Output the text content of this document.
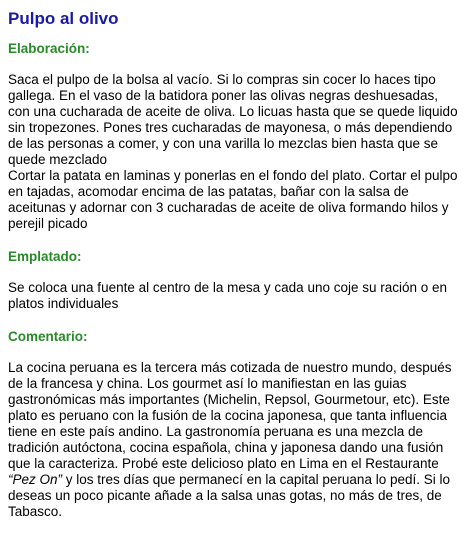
Pulpo al olivo
Elaboración:

Saca el pulpo de la bolsa al vacío. Si lo compras sin cocer lo haces tipo gallega. En el vaso de la batidora poner las olivas negras deshuesadas, con una cucharada de aceite de oliva. Lo licuas hasta que se quede liquido sin tropezones. Pones tres cucharadas de mayonesa, o más dependiendo de las personas a comer, y con una varilla lo mezclas bien hasta que se quede mezclado
Cortar la patata en laminas y ponerlas en el fondo del plato. Cortar el pulpo en tajadas, acomodar encima de las patatas, bañar con la salsa de aceitunas y adornar con 3 cucharadas de aceite de oliva formando hilos y perejil picado

Emplatado:

Se coloca una fuente al centro de la mesa y cada uno coje su ración o en platos individuales

Comentario:

La cocina peruana es la tercera más cotizada de nuestro mundo, después de la francesa y china. Los gourmet así lo manifiestan en las guias gastronómicas más importantes (Michelin, Repsol, Gourmetour, etc). Este plato es peruano con la fusión de la cocina japonesa, que tanta influencia tiene en este país andino. La gastronomía peruana es una mezcla de tradición autóctona, cocina española, china y japonesa dando una fusión que la caracteriza. Probé este delicioso plato en Lima en el Restaurante “Pez On” y los tres días que permanecí en la capital peruana lo pedí. Si lo deseas un poco picante añade a la salsa unas gotas, no más de tres, de Tabasco.
